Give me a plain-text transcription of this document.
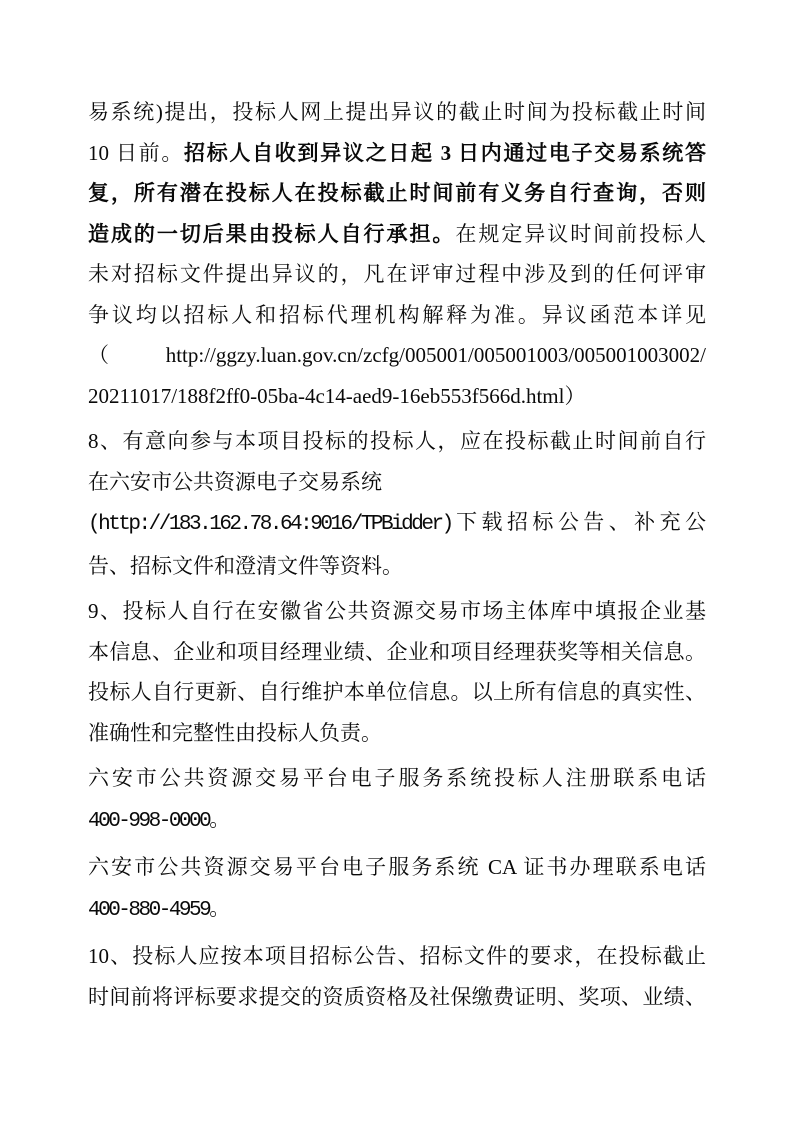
易系统)提出，投标人网上提出异议的截止时间为投标截止时间
10 日前。招标人自收到异议之日起 3 日内通过电子交易系统答
复，所有潜在投标人在投标截止时间前有义务自行查询，否则
造成的一切后果由投标人自行承担。在规定异议时间前投标人
未对招标文件提出异议的，凡在评审过程中涉及到的任何评审
争议均以招标人和招标代理机构解释为准。异议函范本详见
（ http://ggzy.luan.gov.cn/zcfg/005001/005001003/005001003002/
20211017/188f2ff0-05ba-4c14-aed9-16eb553f566d.html）
8、有意向参与本项目投标的投标人，应在投标截止时间前自行
在六安市公共资源电子交易系统
(http://183.162.78.64:9016/TPBidder)下载招标公告、补充公
告、招标文件和澄清文件等资料。
9、投标人自行在安徽省公共资源交易市场主体库中填报企业基
本信息、企业和项目经理业绩、企业和项目经理获奖等相关信息。
投标人自行更新、自行维护本单位信息。以上所有信息的真实性、
准确性和完整性由投标人负责。
六安市公共资源交易平台电子服务系统投标人注册联系电话
400-998-0000。
六安市公共资源交易平台电子服务系统 CA 证书办理联系电话
400-880-4959。
10、投标人应按本项目招标公告、招标文件的要求，在投标截止
时间前将评标要求提交的资质资格及社保缴费证明、奖项、业绩、
